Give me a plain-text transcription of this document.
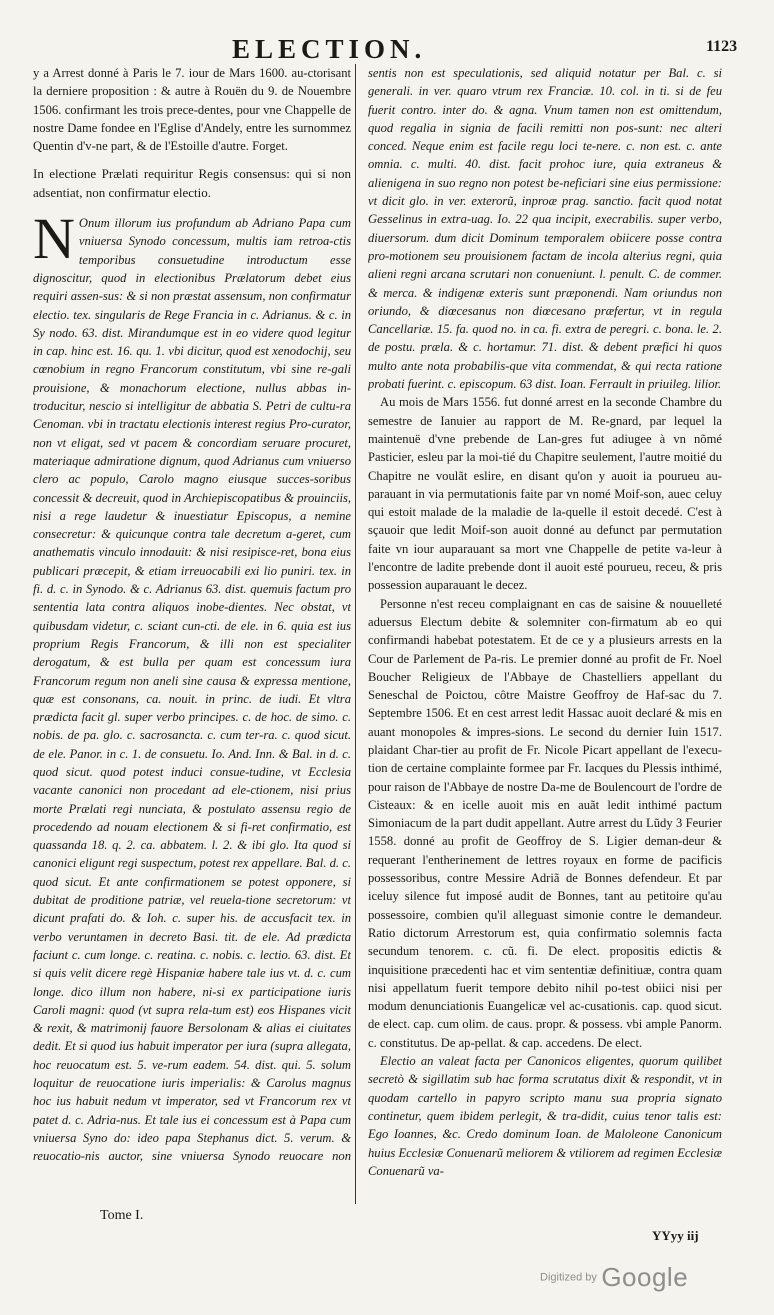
ELECTION.	1123

y a Arrest donné à Paris le 7. iour de Mars 1600. au-ctorisant la derniere proposition : & autre à Rouën du 9. de Nouembre 1506. confirmant les trois prece-dentes, pour vne Chappelle de nostre Dame fondee en l'Eglise d'Andely, entre les surnommez Quentin d'v-ne part, & de l'Estoille d'autre. Forget.

In electione Prælati requiritur Regis consensus: qui si non adsentiat, non confirmatur electio.

N Onum illorum ius profundum ab Adriano Papa cum vniuersa Synodo concessum, multis iam retroa-ctis temporibus consuetudine introductum esse dignoscitur, quod in electionibus Prælatorum debet eius requiri assen-sus: & si non præstat assensum, non confirmatur electio. tex. singularis de Rege Francia in c. Adrianus. & c. in Sy nodo. 63. dist. Mirandumque est in eo videre quod legitur in cap. hinc est. 16. qu. 1. vbi dicitur, quod est xenodochij, seu cœnobium in regno Francorum constitutum, vbi sine re-gali prouisione, & monachorum electione, nullus abbas in-troducitur, nescio si intelligitur de abbatia S. Petri de cultu-ra Cenoman. vbi in tractatu electionis interest regius Pro-curator, non vt eligat, sed vt pacem & concordiam seruare procuret, materiaque admiratione dignum, quod Adrianus cum vniuerso clero ac populo, Carolo magno eiusque succes-soribus concessit & decreuit, quod in Archiepiscopatibus & prouinciis, nisi a rege laudetur & inuestiatur Episcopus, a nemine consecretur: & quicunque contra tale decretum a-geret, cum anathematis vinculo innodauit: & nisi resipisce-ret, bona eius publicari præcepit, & etiam irreuocabili exi lio puniri. tex. in fi. d. c. in Synodo. & c. Adrianus 63. dist. quemuis factum pro sententia lata contra aliquos inobe-dientes. Nec obstat, vt quibusdam videtur, c. sciant cun-cti. de ele. in 6. quia est ius proprium Regis Francorum, & illi non est specialiter derogatum, & est bulla per quam est concessum iura Francorum regum non aneli sine causa & expressa mentione, quæ est consonans, ca. nouit. in princ. de iudi. Et vltra prædicta facit gl. super verbo principes. c. de hoc. de simo. c. nobis. de pa. glo. c. sacrosancta. c. cum ter-ra. c. quod sicut. de ele. Panor. in c. 1. de consuetu. Io. And. Inn. & Bal. in d. c. quod sicut. quod potest induci consue-tudine, vt Ecclesia vacante canonici non procedant ad ele-ctionem, nisi prius morte Prælati regi nunciata, & postulato assensu regio de procedendo ad nouam electionem & si fi-ret confirmatio, est quassanda 18. q. 2. ca. abbatem. l. 2. & ibi glo. Ita quod si canonici eligunt regi suspectum, potest rex appellare. Bal. d. c. quod sicut. Et ante confirmationem se potest opponere, si dubitat de proditione patriæ, vel reuela-tione secretorum: vt dicunt prafati do. & Ioh. c. super his. de accusfacit tex. in verbo veruntamen in decreto Basi. tit. de ele. Ad prædicta faciunt c. cum longe. c. reatina. c. nobis. c. lectio. 63. dist. Et si quis velit dicere regè Hispaniæ habere tale ius vt. d. c. cum longe. dico illum non habere, ni-si ex participatione iuris Caroli magni: quod (vt supra rela-tum est) eos Hispanes vicit & rexit, & matrimonij fauore Bersolonam & alias ei ciuitates dedit. Et si quod ius habuit imperator per iura (supra allegata, hoc reuocatum est. 5. ve-rum eadem. 54. dist. qui. 5. solum loquitur de reuocatione iuris imperialis: & Carolus magnus hoc ius habuit nedum vt imperator, sed vt Francorum rex vt patet d. c. Adria-nus. Et tale ius ei concessum est à Papa cum vniuersa Syno do: ideo papa Stephanus dict. 5. verum. & reuocatio-nis auctor, sine vniuersa Synodo reuocare non

sentis non est speculationis, sed aliquid notatur per Bal. c. si generali. in ver. quaro vtrum rex Franciæ. 10. col. in ti. si de feu fuerit contro. inter do. & agna. Vnum tamen non est omittendum, quod regalia in signia de facili remitti non pos-sunt: nec alteri conced. Neque enim est facile regu loci te-nere. c. non est. c. ante omnia. c. multi. 40. dist. facit prohoc iure, quia extraneus & alienigena in suo regno non potest be-neficiari sine eius permissione: vt dicit glo. in ver. exterorũ, inproæ prag. sanctio. facit quod notat Gesselinus in extra-uag. Io. 22 qua incipit, execrabilis. super verbo, diuersorum. dum dicit Dominum temporalem obiicere posse contra pro-motionem seu prouisionem factam de incola alterius regni, quia alieni regni arcana scrutari non conueniunt. l. penult. C. de commer. & merca. & indigenæ exteris sunt præponendi. Nam oriundus non oriundo, & diœcesanus non diœcesano præfertur, vt in regula Cancellariæ. 15. fa. quod no. in ca. fi. extra de peregri. c. bona. le. 2. de postu. præla. & c. hortamur. 71. dist. & debent præfici hi quos multo ante nota probabilis-que vita commendat, & qui recta ratione probati fuerint. c. episcopum. 63 dist. Ioan. Ferrault in priuileg. lilior.

Au mois de Mars 1556. fut donné arrest en la seconde Chambre du semestre de Ianuier au rapport de M. Re-gnard, par lequel la maintenuë d'vne prebende de Lan-gres fut adiugee à vn nõmé Pasticier, esleu par la moi-tié du Chapitre seulement, l'autre moitié du Chapitre ne voulãt eslire, en disant qu'on y auoit ia pourueu au-parauant in via permutationis faite par vn nomé Moif-son, auec celuy qui estoit malade de la maladie de la-quelle il estoit decedé. C'est à sçauoir que ledit Moif-son auoit donné au defunct par permutation faite vn iour auparauant sa mort vne Chappelle de petite va-leur à l'encontre de ladite prebende dont il auoit esté pourueu, receu, & pris possession auparauant le decez.

Personne n'est receu complaignant en cas de saisine & nouuelleté aduersus Electum debite & solemniter con-firmatum ab eo qui confirmandi habebat potestatem. Et de ce y a plusieurs arrests en la Cour de Parlement de Pa-ris. Le premier donné au profit de Fr. Noel Boucher Religieux de l'Abbaye de Chastelliers appellant du Seneschal de Poictou, côtre Maistre Geoffroy de Haf-sac du 7. Septembre 1506. Et en cest arrest ledit Hassac auoit declaré & mis en auant monopoles & impres-sions. Le second du dernier Iuin 1517. plaidant Char-tier au profit de Fr. Nicole Picart appellant de l'execu-tion de certaine complainte formee par Fr. Iacques du Plessis inthimé, pour raison de l'Abbaye de nostre Da-me de Boulencourt de l'ordre de Cisteaux: & en icelle auoit mis en auãt ledit inthimé pactum Simoniacum de la part dudit appellant. Autre arrest du Lũdy 3 Feurier 1558. donné au profit de Geoffroy de S. Ligier deman-deur & requerant l'entherinement de lettres royaux en forme de pacificis possessoribus, contre Messire Adriã de Bonnes defendeur. Et par iceluy silence fut imposé audit de Bonnes, tant au petitoire qu'au possessoire, combien qu'il alleguast simonie contre le demandeur. Ratio dictorum Arrestorum est, quia confirmatio solemnis facta secundum tenorem. c. cũ. fi. De elect. propositis edictis & inquisitione præcedenti hac et vim sententiæ definitiuæ, contra quam nisi appellatum fuerit tempore debito nihil po-test obiici nisi per modum denunciationis Euangelicæ vel ac-cusationis. cap. quod sicut. de elect. cap. cum olim. de caus. propr. & possess. vbi ample Panorm. c. constitutus. De ap-pellat. & cap. accedens. De elect.

Electio an valeat facta per Canonicos eligentes, quorum quilibet secretò & sigillatim sub hac forma scrutatus dixit & respondit, vt in quodam cartello in papyro scripto manu sua propria signato continetur, quem ibidem perlegit, & tra-didit, cuius tenor talis est: Ego Ioannes, &c. Credo dominum Ioan. de Maloleone Canonicum huius Ecclesiæ Conuenarũ meliorem & vtiliorem ad regimen Ecclesiæ Conuenarũ va-

Tome I.
YYyy iij
Digitized by Google
